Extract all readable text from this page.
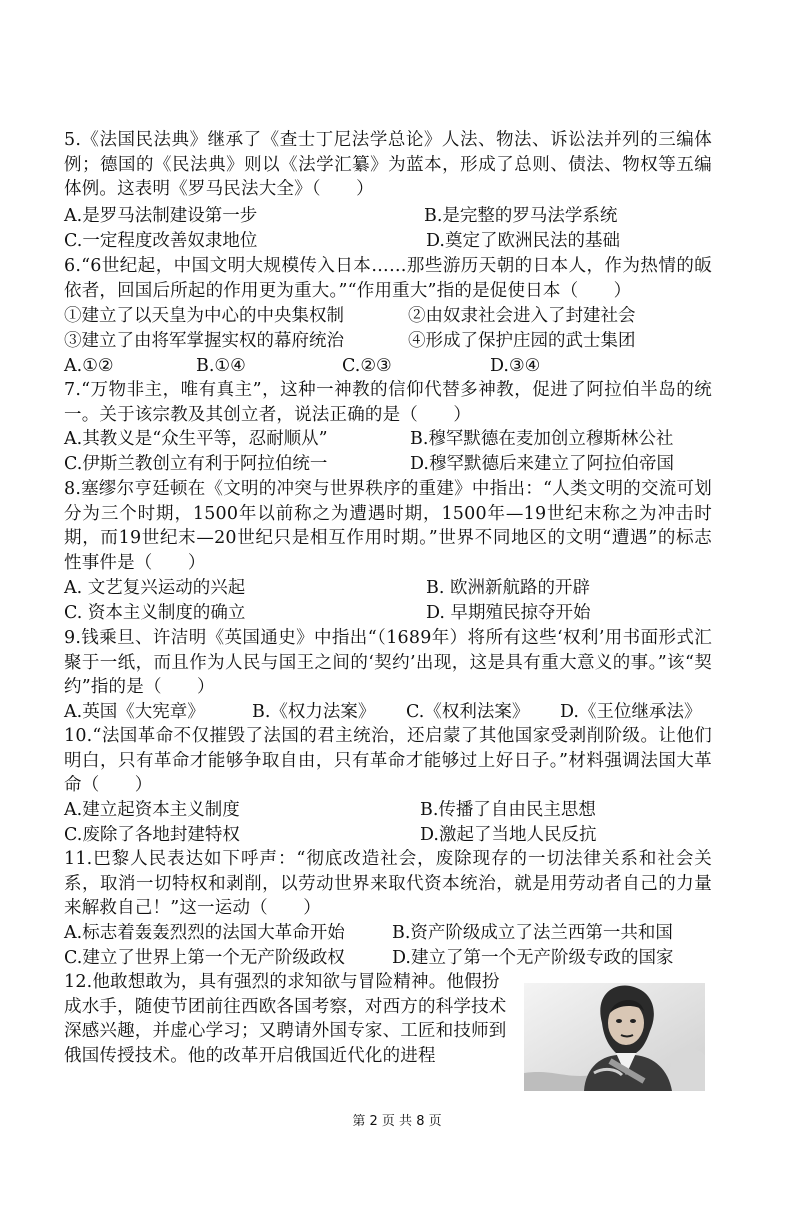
5.《法国民法典》继承了《查士丁尼法学总论》人法、物法、诉讼法并列的三编体例；德国的《民法典》则以《法学汇纂》为蓝本，形成了总则、债法、物权等五编体例。这表明《罗马民法大全》（　　）

A.是罗马法制建设第一步	B.是完整的罗马法学系统
C.一定程度改善奴隶地位	D.奠定了欧洲民法的基础

6.“6世纪起，中国文明大规模传入日本……那些游历天朝的日本人，作为热情的皈依者，回国后所起的作用更为重大。”“作用重大”指的是促使日本（　　）

①建立了以天皇为中心的中央集权制	②由奴隶社会进入了封建社会
③建立了由将军掌握实权的幕府统治	④形成了保护庄园的武士集团
A.①②	B.①④	C.②③	D.③④

7.“万物非主，唯有真主”，这种一神教的信仰代替多神教，促进了阿拉伯半岛的统一。关于该宗教及其创立者，说法正确的是（　　）

A.其教义是“众生平等，忍耐顺从”	B.穆罕默德在麦加创立穆斯林公社
C.伊斯兰教创立有利于阿拉伯统一	D.穆罕默德后来建立了阿拉伯帝国

8.塞缪尔亨廷顿在《文明的冲突与世界秩序的重建》中指出：“人类文明的交流可划分为三个时期，1500年以前称之为遭遇时期，1500年—19世纪末称之为冲击时期，而19世纪末—20世纪只是相互作用时期。”世界不同地区的文明“遭遇”的标志性事件是（　　）

A. 文艺复兴运动的兴起	B. 欧洲新航路的开辟
C. 资本主义制度的确立	D. 早期殖民掠夺开始

9.钱乘旦、许洁明《英国通史》中指出“（1689年）将所有这些‘权利’用书面形式汇聚于一纸，而且作为人民与国王之间的‘契约’出现，这是具有重大意义的事。”该“契约”指的是（　　）

A.英国《大宪章》	B.《权力法案》 C.《权利法案》 D.《王位继承法》

10.“法国革命不仅摧毁了法国的君主统治，还启蒙了其他国家受剥削阶级。让他们明白，只有革命才能够争取自由，只有革命才能够过上好日子。”材料强调法国大革命（　　）

A.建立起资本主义制度	B.传播了自由民主思想
C.废除了各地封建特权	D.激起了当地人民反抗

11.巴黎人民表达如下呼声：“彻底改造社会，废除现存的一切法律关系和社会关系，取消一切特权和剥削，以劳动世界来取代资本统治，就是用劳动者自己的力量来解救自己！”这一运动（　　）

A.标志着轰轰烈烈的法国大革命开始	B.资产阶级成立了法兰西第一共和国
C.建立了世界上第一个无产阶级政权	D.建立了第一个无产阶级专政的国家

12.他敢想敢为，具有强烈的求知欲与冒险精神。他假扮成水手，随使节团前往西欧各国考察，对西方的科学技术深感兴趣，并虚心学习；又聘请外国专家、工匠和技师到俄国传授技术。他的改革开启俄国近代化的进程

第 2 页 共 8 页
